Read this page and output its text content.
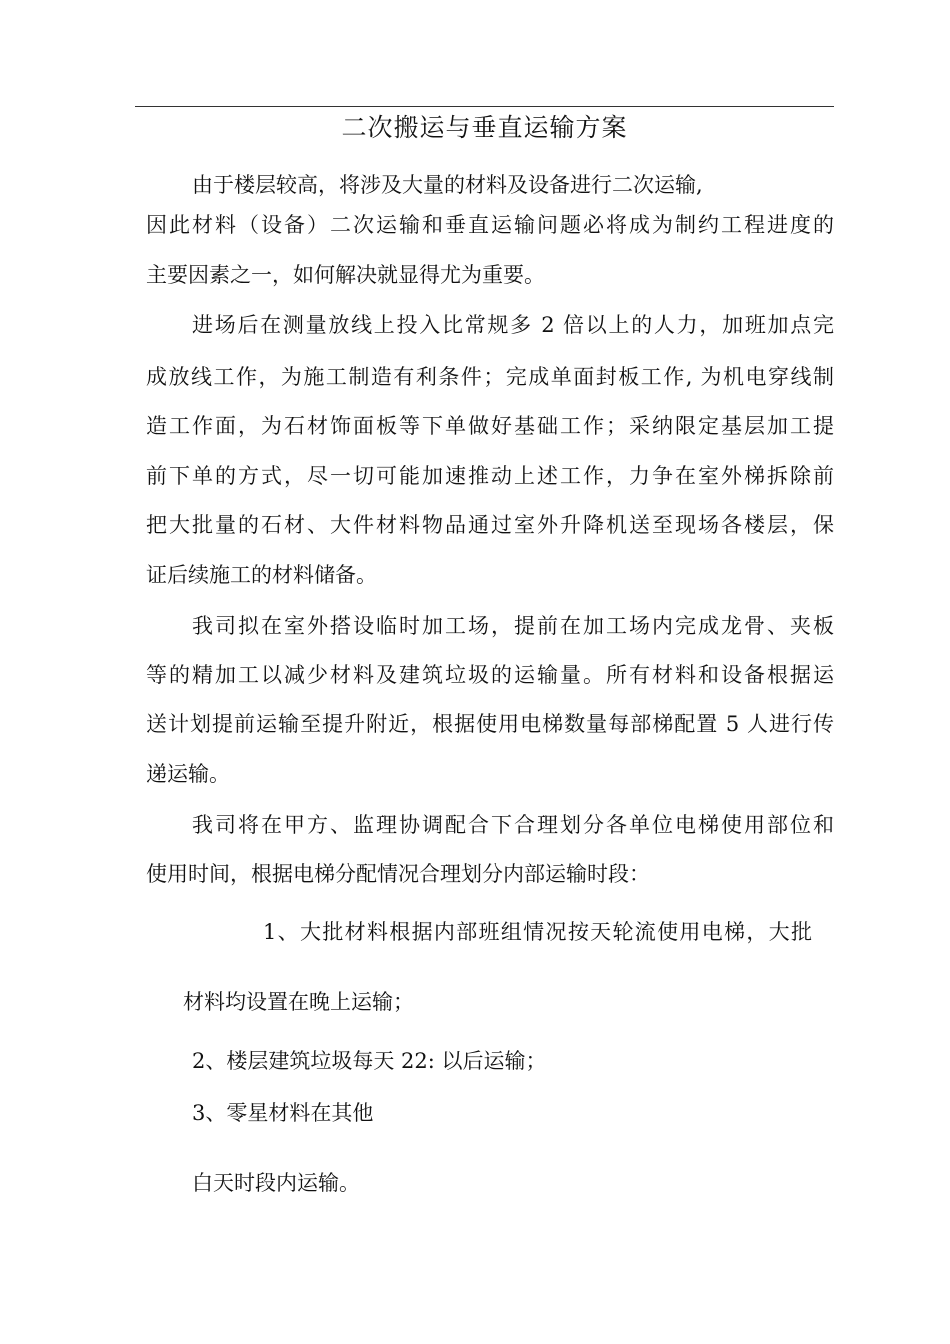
二次搬运与垂直运输方案
由于楼层较高，将涉及大量的材料及设备进行二次运输,
因此材料（设备）二次运输和垂直运输问题必将成为制约工程进度的
主要因素之一，如何解决就显得尤为重要。
进场后在测量放线上投入比常规多 2 倍以上的人力，加班加点完
成放线工作，为施工制造有利条件；完成单面封板工作, 为机电穿线制
造工作面，为石材饰面板等下单做好基础工作；采纳限定基层加工提
前下单的方式，尽一切可能加速推动上述工作，力争在室外梯拆除前
把大批量的石材、大件材料物品通过室外升降机送至现场各楼层，保
证后续施工的材料储备。
我司拟在室外搭设临时加工场，提前在加工场内完成龙骨、夹板
等的精加工以减少材料及建筑垃圾的运输量。所有材料和设备根据运
送计划提前运输至提升附近，根据使用电梯数量每部梯配置 5 人进行传
递运输。
我司将在甲方、监理协调配合下合理划分各单位电梯使用部位和
使用时间，根据电梯分配情况合理划分内部运输时段：
1、大批材料根据内部班组情况按天轮流使用电梯，大批
材料均设置在晚上运输；
2、楼层建筑垃圾每天 22: 以后运输；
3、零星材料在其他
白天时段内运输。
